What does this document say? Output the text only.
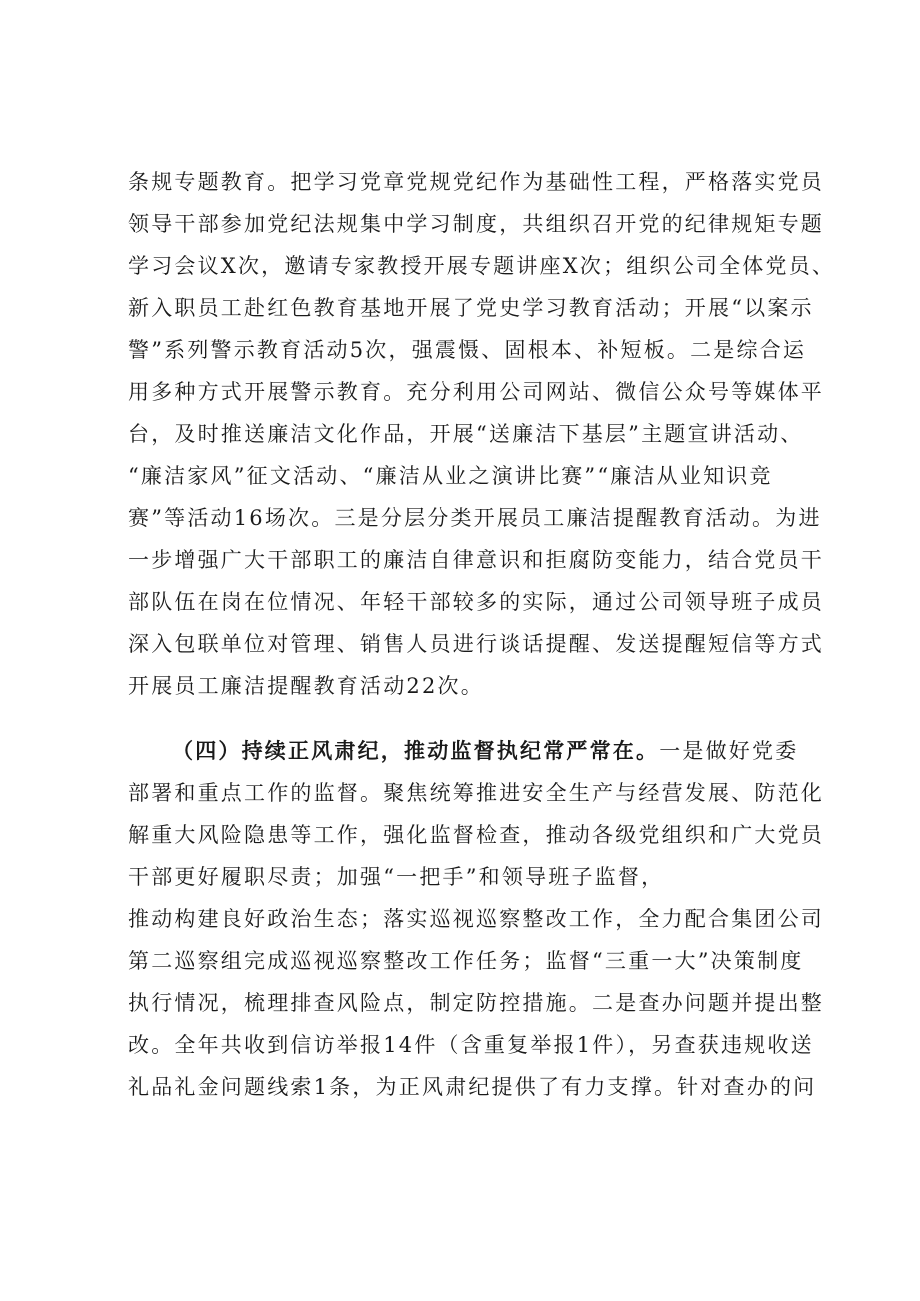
条规专题教育。把学习党章党规党纪作为基础性工程，严格落实党员
领导干部参加党纪法规集中学习制度，共组织召开党的纪律规矩专题
学习会议X次，邀请专家教授开展专题讲座X次；组织公司全体党员、
新入职员工赴红色教育基地开展了党史学习教育活动；开展“以案示
警”系列警示教育活动5次，强震慑、固根本、补短板。二是综合运
用多种方式开展警示教育。充分利用公司网站、微信公众号等媒体平
台，及时推送廉洁文化作品，开展“送廉洁下基层”主题宣讲活动、
“廉洁家风”征文活动、“廉洁从业之演讲比赛”“廉洁从业知识竞
赛”等活动16场次。三是分层分类开展员工廉洁提醒教育活动。为进
一步增强广大干部职工的廉洁自律意识和拒腐防变能力，结合党员干
部队伍在岗在位情况、年轻干部较多的实际，通过公司领导班子成员
深入包联单位对管理、销售人员进行谈话提醒、发送提醒短信等方式
开展员工廉洁提醒教育活动22次。
（四）持续正风肃纪，推动监督执纪常严常在。一是做好党委
部署和重点工作的监督。聚焦统筹推进安全生产与经营发展、防范化
解重大风险隐患等工作，强化监督检查，推动各级党组织和广大党员
干部更好履职尽责；加强“一把手”和领导班子监督，
推动构建良好政治生态；落实巡视巡察整改工作，全力配合集团公司
第二巡察组完成巡视巡察整改工作任务；监督“三重一大”决策制度
执行情况，梳理排查风险点，制定防控措施。二是查办问题并提出整
改。全年共收到信访举报14件（含重复举报1件），另查获违规收送
礼品礼金问题线索1条，为正风肃纪提供了有力支撑。针对查办的问
